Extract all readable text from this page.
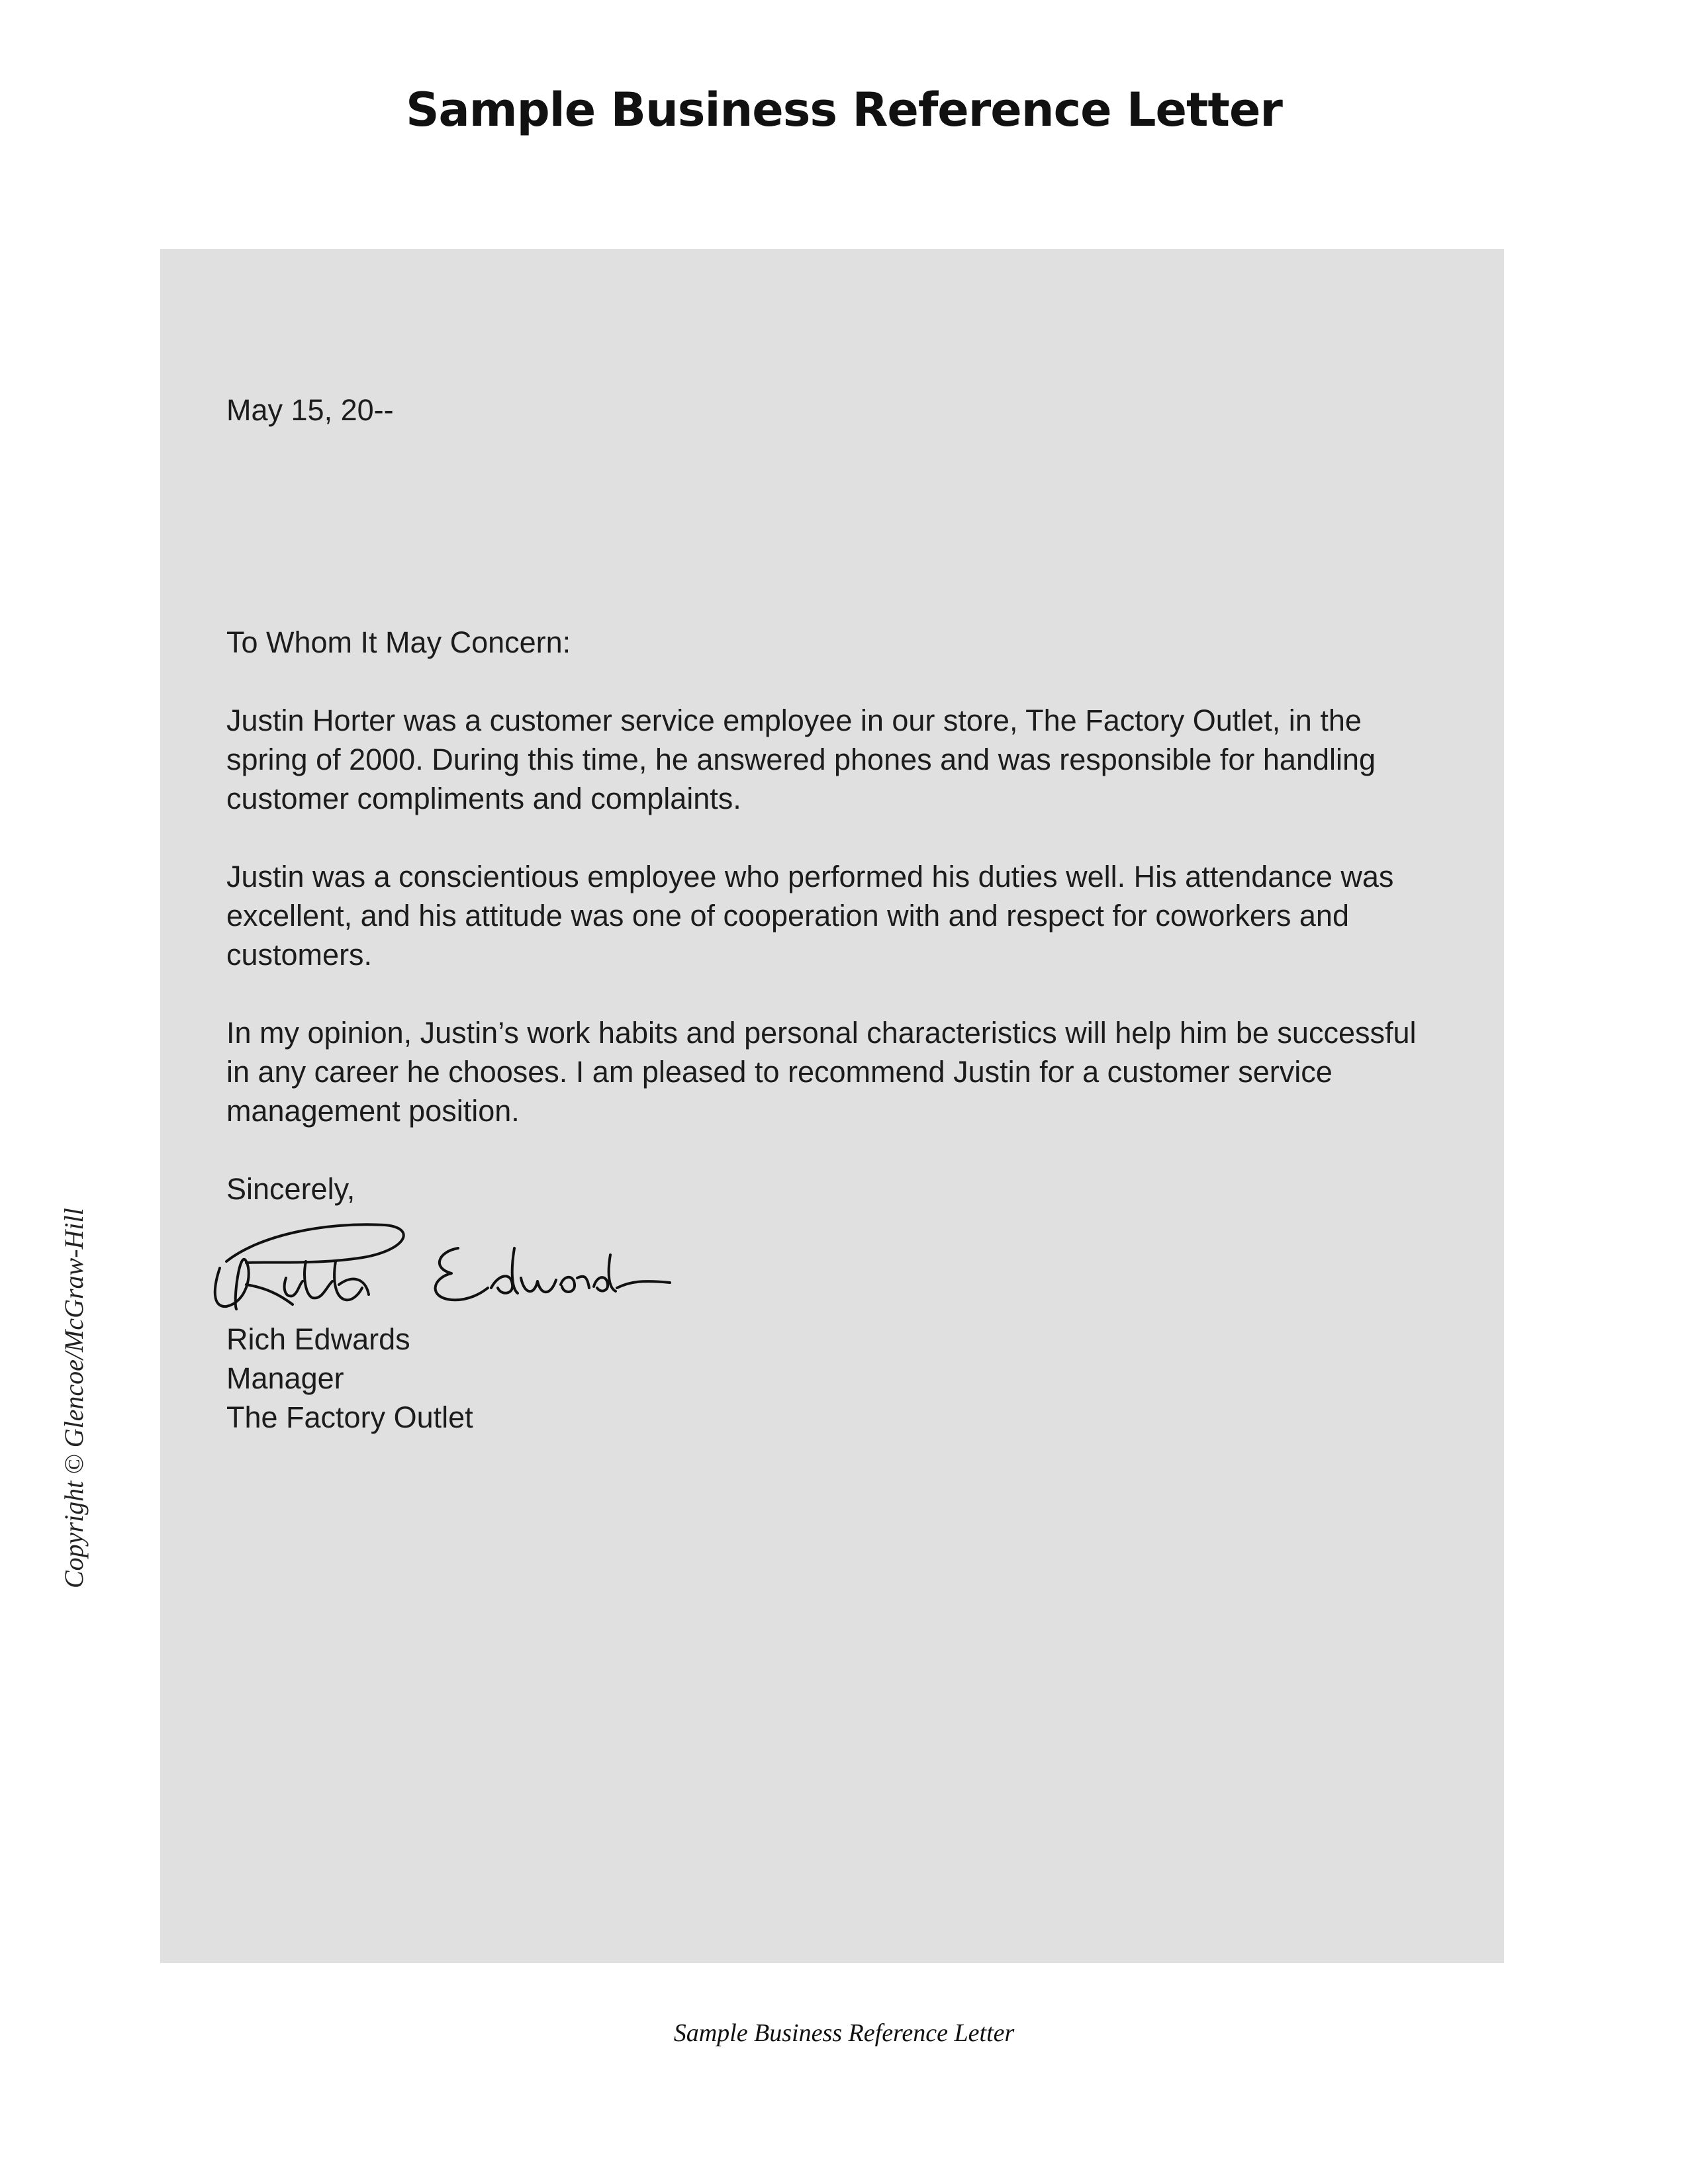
Sample Business Reference Letter
Copyright © Glencoe/McGraw-Hill

May 15, 20--

To Whom It May Concern:

Justin Horter was a customer service employee in our store, The Factory Outlet, in the spring of 2000. During this time, he answered phones and was responsible for handling customer compliments and complaints.

Justin was a conscientious employee who performed his duties well. His attendance was excellent, and his attitude was one of cooperation with and respect for coworkers and customers.

In my opinion, Justin’s work habits and personal characteristics will help him be successful in any career he chooses. I am pleased to recommend Justin for a customer service management position.

Sincerely,

Rich Edwards

Manager

The Factory Outlet

Sample Business Reference Letter
